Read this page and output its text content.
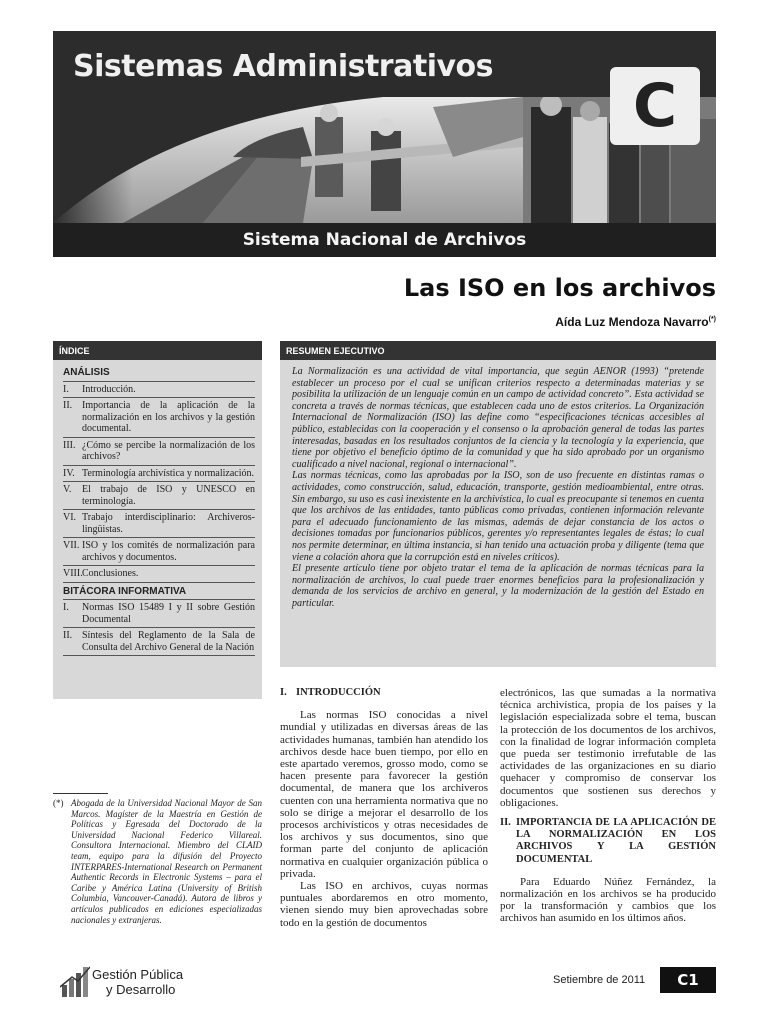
Sistemas Administrativos
C
Sistema Nacional de Archivos
Las ISO en los archivos
Aída Luz Mendoza Navarro(*)
ÍNDICE
ANÁLISIS
I.	Introducción.
II. Importancia de la aplicación de la normalización en los archivos y la gestión documental.
III. ¿Cómo se percibe la normalización de los archivos?
IV. Terminología archivística y normalización.
V.	El trabajo de ISO y UNESCO en terminología.
VI. Trabajo interdisciplinario: Archiveros-lingüistas.
VII. ISO y los comités de normalización para archivos y documentos.
VIII. Conclusiones.
BITÁCORA INFORMATIVA
I.	Normas ISO 15489 I y II sobre Gestión Documental
II. Síntesis del Reglamento de la Sala de Consulta del Archivo General de la Nación
RESUMEN EJECUTIVO

La Normalización es una actividad de vital importancia, que según AENOR (1993) “pretende establecer un proceso por el cual se unifican criterios respecto a determinadas materias y se posibilita la utilización de un lenguaje común en un campo de actividad concreto”. Esta actividad se concreta a través de normas técnicas, que establecen cada uno de estos criterios. La Organización Internacional de Normalización (ISO) las define como “especificaciones técnicas accesibles al público, establecidas con la cooperación y el consenso o la aprobación general de todas las partes interesadas, basadas en los resultados conjuntos de la ciencia y la tecnología y la experiencia, que tiene por objetivo el beneficio óptimo de la comunidad y que ha sido aprobado por un organismo cualificado a nivel nacional, regional o internacional”.

Las normas técnicas, como las aprobadas por la ISO, son de uso frecuente en distintas ramas o actividades, como construcción, salud, educación, transporte, gestión medioambiental, entre otras. Sin embargo, su uso es casi inexistente en la archivística, lo cual es preocupante si tenemos en cuenta que los archivos de las entidades, tanto públicas como privadas, contienen información relevante para el adecuado funcionamiento de las mismas, además de dejar constancia de los actos o decisiones tomadas por funcionarios públicos, gerentes y/o representantes legales de éstas; lo cual nos permite determinar, en última instancia, si han tenido una actuación proba y diligente (tema que viene a colación ahora que la corrupción está en niveles críticos).

El presente artículo tiene por objeto tratar el tema de la aplicación de normas técnicas para la normalización de archivos, lo cual puede traer enormes beneficios para la profesionalización y demanda de los servicios de archivo en general, y la modernización de la gestión del Estado en particular.

I. INTRODUCCIÓN

Las normas ISO conocidas a nivel mundial y utilizadas en diversas áreas de las actividades humanas, también han atendido los archivos desde hace buen tiempo, por ello en este apartado veremos, grosso modo, como se hacen presente para favorecer la gestión documental, de manera que los archiveros cuenten con una herramienta normativa que no solo se dirige a mejorar el desarrollo de los procesos archivísticos y otras necesidades de los archivos y sus documentos, sino que forman parte del conjunto de aplicación normativa en cualquier organización pública o privada.

Las ISO en archivos, cuyas normas puntuales abordaremos en otro momento, vienen siendo muy bien aprovechadas sobre todo en la gestión de documentos

electrónicos, las que sumadas a la normativa técnica archivística, propia de los países y la legislación especializada sobre el tema, buscan la protección de los documentos de los archivos, con la finalidad de lograr información completa que pueda ser testimonio irrefutable de las actividades de las organizaciones en su diario quehacer y compromiso de conservar los documentos que sostienen sus derechos y obligaciones.

II. IMPORTANCIA DE LA APLICACIÓN DE LA NORMALIZACIÓN EN LOS ARCHIVOS Y LA GESTIÓN DOCUMENTAL

Para Eduardo Núñez Fernández, la normalización en los archivos se ha producido por la transformación y cambios que los archivos han asumido en los últimos años.

(*) Abogada de la Universidad Nacional Mayor de San Marcos. Magíster de la Maestría en Gestión de Políticas y Egresada del Doctorado de la Universidad Nacional Federico Villareal. Consultora Internacional. Miembro del CLAID team, equipo para la difusión del Proyecto INTERPARES-International Research on Permanent Authentic Records in Electronic Systems – para el Caribe y América Latina (University of British Columbia, Vancouver-Canadá). Autora de libros y artículos publicados en ediciones especializadas nacionales y extranjeras.
Gestión Pública
y Desarrollo
Setiembre de 2011	C1
